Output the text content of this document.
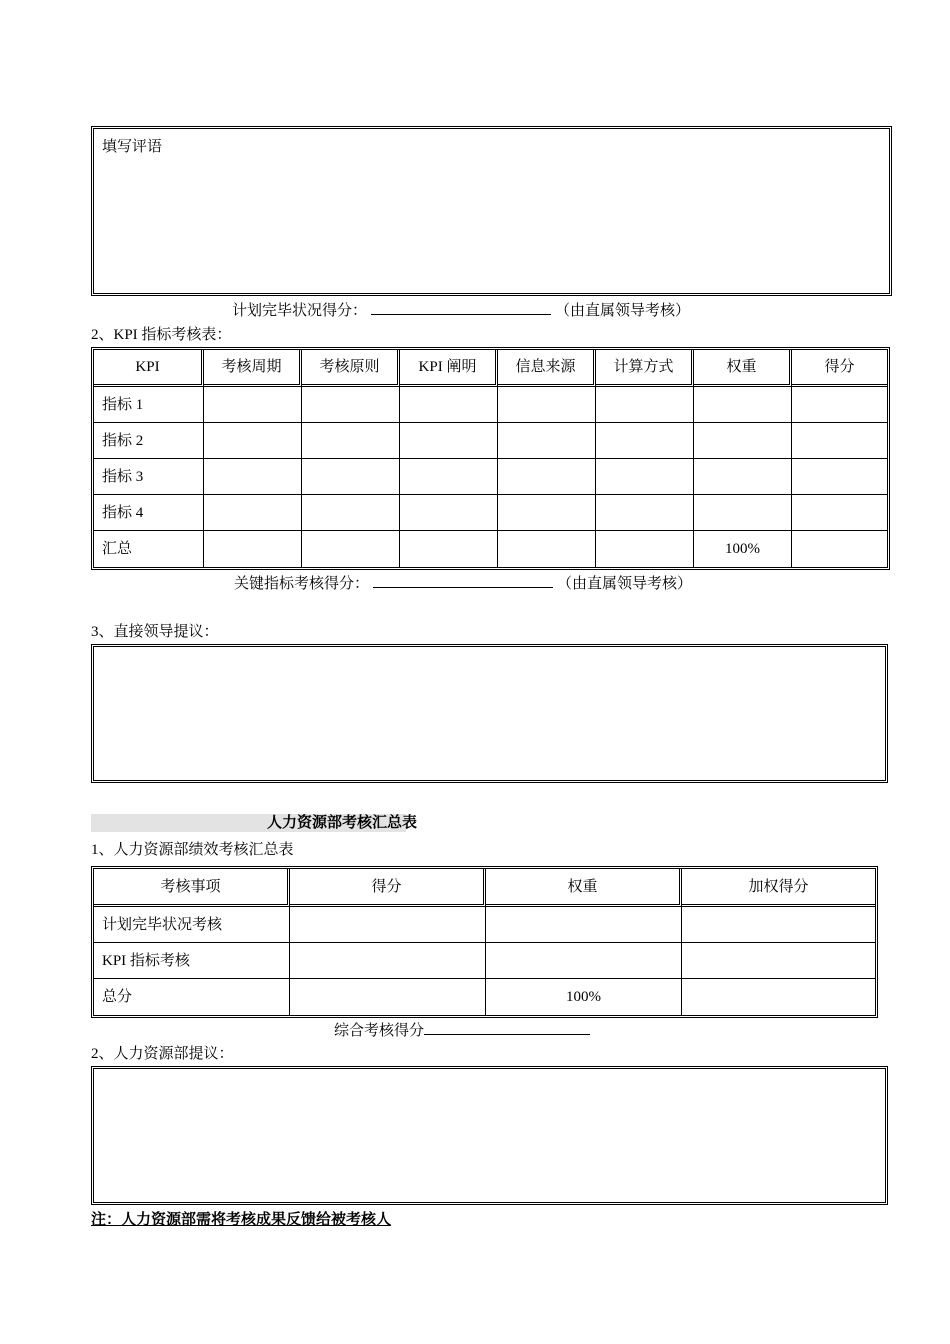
填写评语
计划完毕状况得分：	（由直属领导考核）
2、KPI 指标考核表：
KPI	考核周期	考核原则	KPI 阐明	信息来源	计算方式	权重	得分
指标 1							
指标 2							
指标 3							
指标 4							
汇总						100%	
关键指标考核得分：	（由直属领导考核）
3、直接领导提议：
人力资源部考核汇总表
1、人力资源部绩效考核汇总表
考核事项	得分	权重	加权得分
计划完毕状况考核			
KPI 指标考核			
总分		100%	
综合考核得分
2、人力资源部提议：
注：人力资源部需将考核成果反馈给被考核人
